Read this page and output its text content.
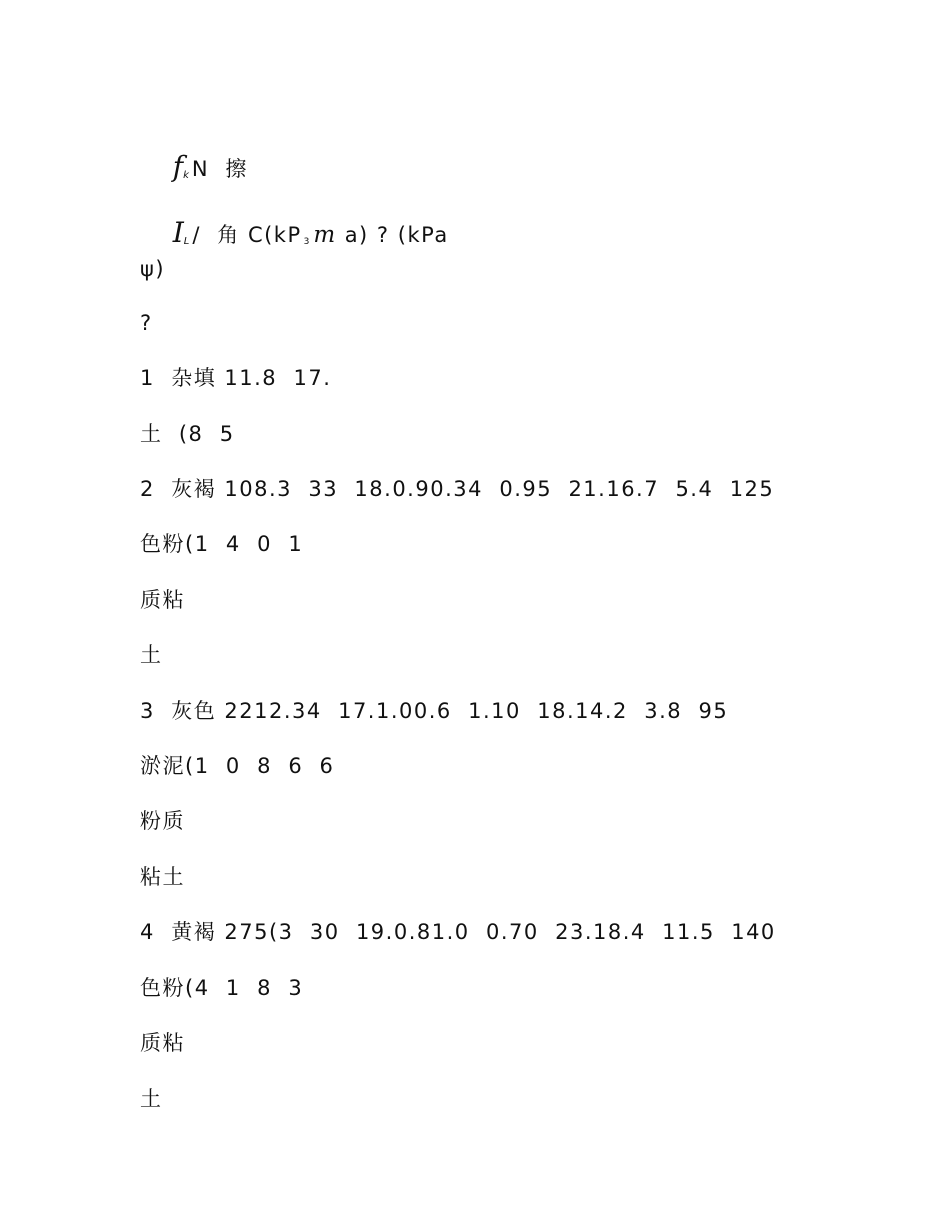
$f_k$ N  擦

$I_L$ /  角 C(kP 3 m a) ? (kPa

ψ)
?
1  杂填 11.8  17.
土  (8  5
2  灰褐 108.3  33  18.0.90.34  0.95  21.16.7  5.4  125
色粉(1  4  0  1
质粘
土
3  灰色 2212.34  17.1.00.6  1.10  18.14.2  3.8  95
淤泥(1  0  8  6  6
粉质
粘土
4  黄褐 275(3  30  19.0.81.0  0.70  23.18.4  11.5  140
色粉(4  1  8  3
质粘
土
